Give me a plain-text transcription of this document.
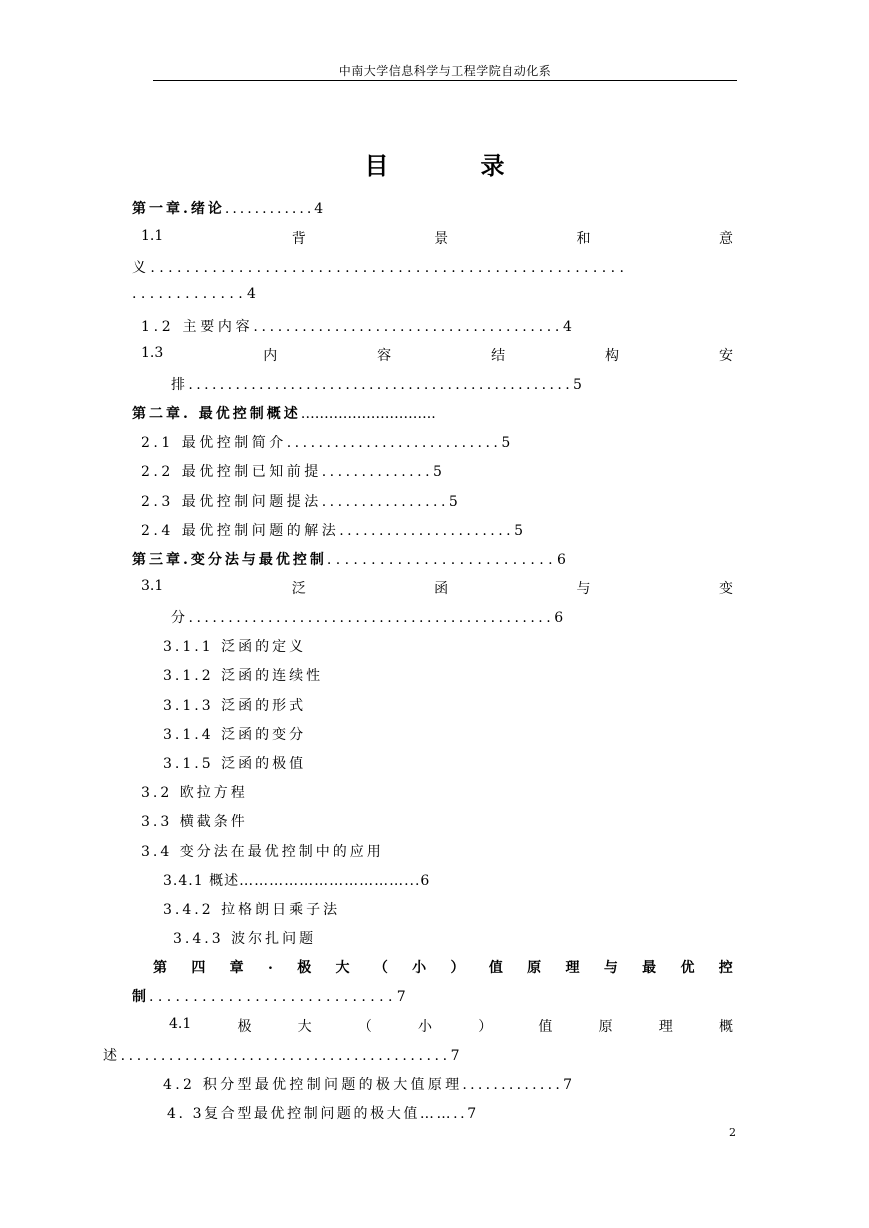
中南大学信息科学与工程学院自动化系
目	录
第一章.绪论............4
1.1	背	景	和	意
义......................................................
.............4
1.2 主要内容......................................4
1.3	内	容	结	构	安
排.................................................5
第二章. 最优控制概述………………………..
2.1 最优控制简介...........................5
2.2 最优控制已知前提..............5
2.3 最优控制问题提法................5
2.4 最优控制问题的解法......................5
第三章.变分法与最优控制..........................6
3.1	泛	函	与	变
分..............................................6
3.1.1 泛函的定义
3.1.2 泛函的连续性
3.1.3 泛函的形式
3.1.4 泛函的变分
3.1.5 泛函的极值
3.2 欧拉方程
3.3 横截条件
3.4 变分法在最优控制中的应用
3.4.1 概述……………………………...6
3.4.2 拉格朗日乘子法
3.4.3 波尔扎问题
第 四 章 . 极 大 （ 小 ） 值 原 理 与 最 优 控
制............................7
4.1	极	大	（	小	）	值	原	理	概
述.........................................7
4.2 积分型最优控制问题的极大值原理.............7
4. 3复合型最优控制问题的极大值……..7
2
